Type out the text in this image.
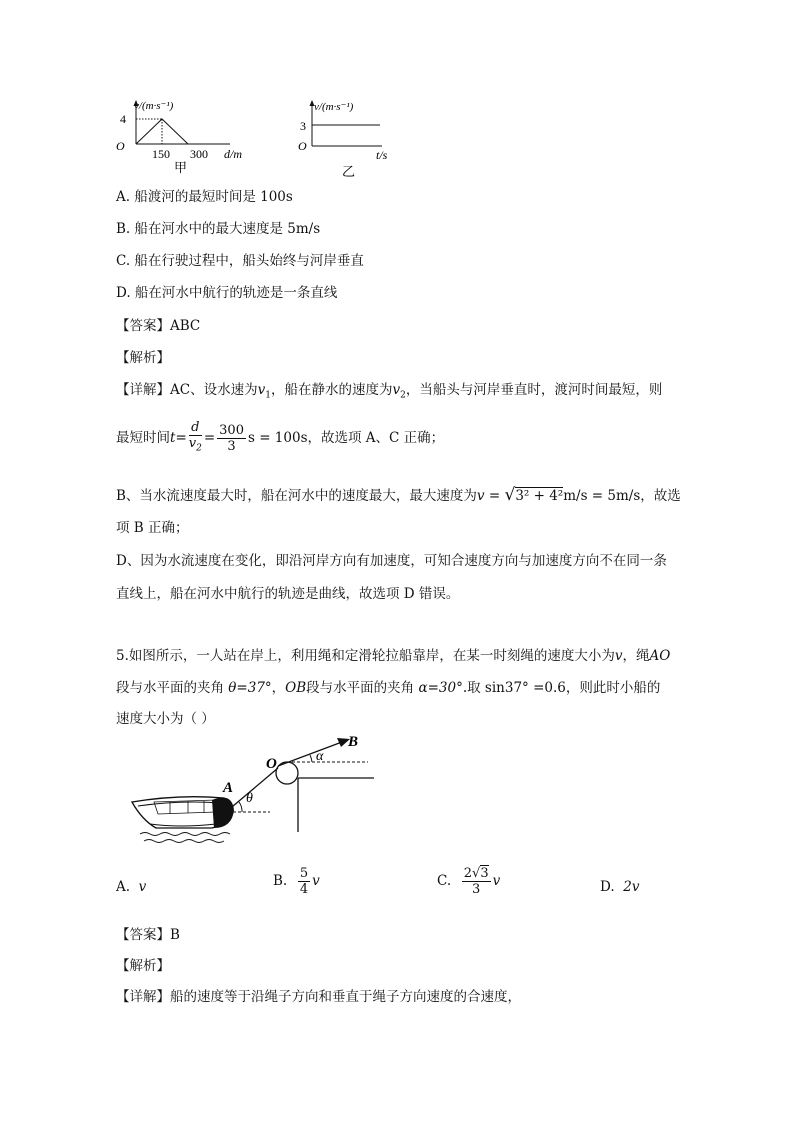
v/(m·s⁻¹)
4
O
150 300 d/m
甲
v/(m·s⁻¹)
3
O
t/s
乙
A. 船渡河的最短时间是 100s
B. 船在河水中的最大速度是 5m/s
C. 船在行驶过程中，船头始终与河岸垂直
D. 船在河水中航行的轨迹是一条直线
【答案】ABC
【解析】
【详解】AC、设水速为$v_1$，船在静水的速度为$v_2$，当船头与河岸垂直时，渡河时间最短，则
最短时间$t= \frac{d}{v_2} = \frac{300}{3}$ s = 100s，故选项 A、C 正确；
B、当水流速度最大时，船在河水中的速度最大，最大速度为v = √3² + 4²m/s = 5m/s，故选
项 B 正确；
D、因为水流速度在变化，即沿河岸方向有加速度，可知合速度方向与加速度方向不在同一条
直线上，船在河水中航行的轨迹是曲线，故选项 D 错误。
5.如图所示，一人站在岸上，利用绳和定滑轮拉船靠岸，在某一时刻绳的速度大小为v，绳AO
段与水平面的夹角 θ=37°，OB段与水平面的夹角 α=30°.取 sin37° =0.6，则此时小船的
速度大小为（ ）
O
A
B
α
θ
A. v	B. $\frac{5}{4}$ v	C. $\frac{2√3}{3}$ v	D. 2v
【答案】B
【解析】
【详解】船的速度等于沿绳子方向和垂直于绳子方向速度的合速度，
